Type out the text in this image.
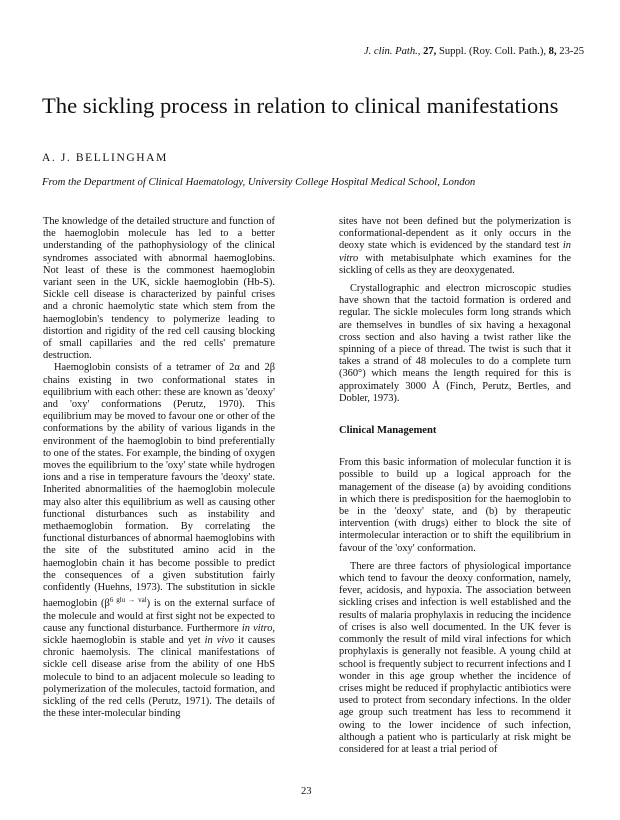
J. clin. Path., 27, Suppl. (Roy. Coll. Path.), 8, 23-25
The sickling process in relation to clinical manifestations
A. J. BELLINGHAM
From the Department of Clinical Haematology, University College Hospital Medical School, London

The knowledge of the detailed structure and function of the haemoglobin molecule has led to a better understanding of the pathophysiology of the clinical syndromes associated with abnormal haemoglobins. Not least of these is the commonest haemoglobin variant seen in the UK, sickle haemoglobin (Hb-S). Sickle cell disease is characterized by painful crises and a chronic haemolytic state which stem from the haemoglobin's tendency to polymerize leading to distortion and rigidity of the red cell causing blocking of small capillaries and the red cells' premature destruction.

Haemoglobin consists of a tetramer of 2α and 2β chains existing in two conformational states in equilibrium with each other: these are known as 'deoxy' and 'oxy' conformations (Perutz, 1970). This equilibrium may be moved to favour one or other of the conformations by the ability of various ligands in the environment of the haemoglobin to bind preferentially to one of the states. For example, the binding of oxygen moves the equilibrium to the 'oxy' state while hydrogen ions and a rise in temperature favours the 'deoxy' state. Inherited abnormalities of the haemoglobin molecule may also alter this equilibrium as well as causing other functional disturbances such as instability and methaemoglobin formation. By correlating the functional disturbances of abnormal haemoglobins with the site of the substituted amino acid in the haemoglobin chain it has become possible to predict the consequences of a given substitution fairly confidently (Huehns, 1973). The substitution in sickle haemoglobin $(\beta^{6 glu \to val})$ is on the external surface of the molecule and would at first sight not be expected to cause any functional disturbance. Furthermore in vitro, sickle haemoglobin is stable and yet in vivo it causes chronic haemolysis. The clinical manifestations of sickle cell disease arise from the ability of one HbS molecule to bind to an adjacent molecule so leading to polymerization of the molecules, tactoid formation, and sickling of the red cells (Perutz, 1971). The details of the these inter-molecular binding

sites have not been defined but the polymerization is conformational-dependent as it only occurs in the deoxy state which is evidenced by the standard test in vitro with metabisulphate which examines for the sickling of cells as they are deoxygenated.

Crystallographic and electron microscopic studies have shown that the tactoid formation is ordered and regular. The sickle molecules form long strands which are themselves in bundles of six having a hexagonal cross section and also having a twist rather like the spinning of a piece of thread. The twist is such that it takes a strand of 48 molecules to do a complete turn (360°) which means the length required for this is approximately 3000 Å (Finch, Perutz, Bertles, and Dobler, 1973).

Clinical Management

From this basic information of molecular function it is possible to build up a logical approach for the management of the disease (a) by avoiding conditions in which there is predisposition for the haemoglobin to be in the 'deoxy' state, and (b) by therapeutic intervention (with drugs) either to block the site of intermolecular interaction or to shift the equilibrium in favour of the 'oxy' conformation.

There are three factors of physiological importance which tend to favour the deoxy conformation, namely, fever, acidosis, and hypoxia. The association between sickling crises and infection is well established and the results of malaria prophylaxis in reducing the incidence of crises is also well documented. In the UK fever is commonly the result of mild viral infections for which prophylaxis is generally not feasible. A young child at school is frequently subject to recurrent infections and I wonder in this age group whether the incidence of crises might be reduced if prophylactic antibiotics were used to protect from secondary infections. In the older age group such treatment has less to recommend it owing to the lower incidence of such infection, although a patient who is particularly at risk might be considered for at least a trial period of

23
